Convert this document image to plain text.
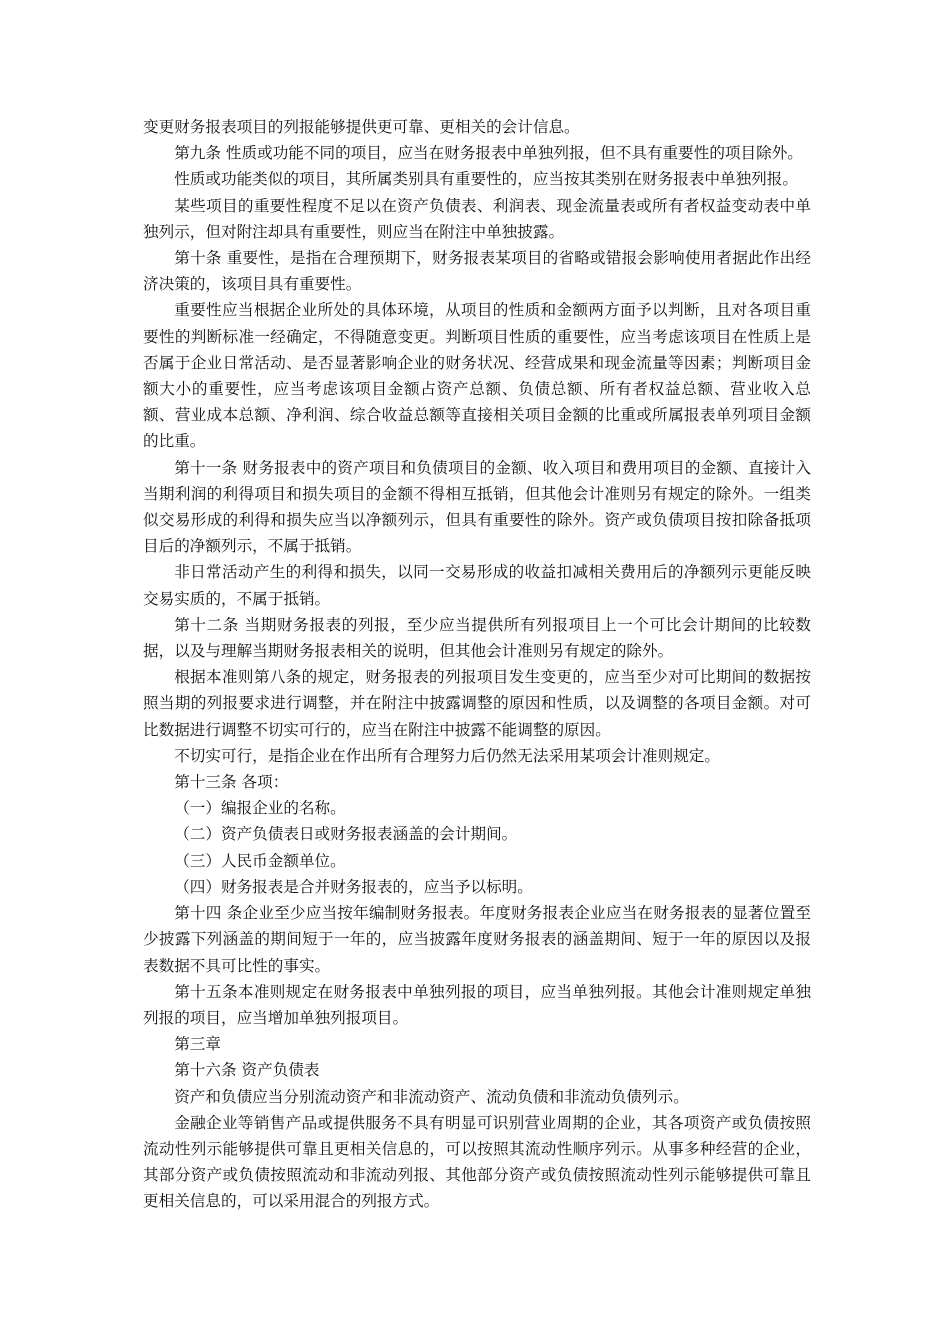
变更财务报表项目的列报能够提供更可靠、更相关的会计信息。

第九条 性质或功能不同的项目，应当在财务报表中单独列报，但不具有重要性的项目除外。

性质或功能类似的项目，其所属类别具有重要性的，应当按其类别在财务报表中单独列报。

某些项目的重要性程度不足以在资产负债表、利润表、现金流量表或所有者权益变动表中单独列示，但对附注却具有重要性，则应当在附注中单独披露。

第十条 重要性，是指在合理预期下，财务报表某项目的省略或错报会影响使用者据此作出经济决策的，该项目具有重要性。

重要性应当根据企业所处的具体环境，从项目的性质和金额两方面予以判断，且对各项目重要性的判断标准一经确定，不得随意变更。判断项目性质的重要性，应当考虑该项目在性质上是否属于企业日常活动、是否显著影响企业的财务状况、经营成果和现金流量等因素；判断项目金额大小的重要性，应当考虑该项目金额占资产总额、负债总额、所有者权益总额、营业收入总额、营业成本总额、净利润、综合收益总额等直接相关项目金额的比重或所属报表单列项目金额的比重。

第十一条 财务报表中的资产项目和负债项目的金额、收入项目和费用项目的金额、直接计入当期利润的利得项目和损失项目的金额不得相互抵销，但其他会计准则另有规定的除外。一组类似交易形成的利得和损失应当以净额列示，但具有重要性的除外。资产或负债项目按扣除备抵项目后的净额列示，不属于抵销。

非日常活动产生的利得和损失，以同一交易形成的收益扣减相关费用后的净额列示更能反映交易实质的，不属于抵销。

第十二条 当期财务报表的列报，至少应当提供所有列报项目上一个可比会计期间的比较数据，以及与理解当期财务报表相关的说明，但其他会计准则另有规定的除外。

根据本准则第八条的规定，财务报表的列报项目发生变更的，应当至少对可比期间的数据按照当期的列报要求进行调整，并在附注中披露调整的原因和性质，以及调整的各项目金额。对可比数据进行调整不切实可行的，应当在附注中披露不能调整的原因。

不切实可行，是指企业在作出所有合理努力后仍然无法采用某项会计准则规定。

第十三条 各项：

（一）编报企业的名称。

（二）资产负债表日或财务报表涵盖的会计期间。

（三）人民币金额单位。

（四）财务报表是合并财务报表的，应当予以标明。

第十四 条企业至少应当按年编制财务报表。年度财务报表企业应当在财务报表的显著位置至少披露下列涵盖的期间短于一年的，应当披露年度财务报表的涵盖期间、短于一年的原因以及报表数据不具可比性的事实。

第十五条本准则规定在财务报表中单独列报的项目，应当单独列报。其他会计准则规定单独列报的项目，应当增加单独列报项目。

第三章

第十六条 资产负债表

资产和负债应当分别流动资产和非流动资产、流动负债和非流动负债列示。

金融企业等销售产品或提供服务不具有明显可识别营业周期的企业，其各项资产或负债按照流动性列示能够提供可靠且更相关信息的，可以按照其流动性顺序列示。从事多种经营的企业，其部分资产或负债按照流动和非流动列报、其他部分资产或负债按照流动性列示能够提供可靠且更相关信息的，可以采用混合的列报方式。
